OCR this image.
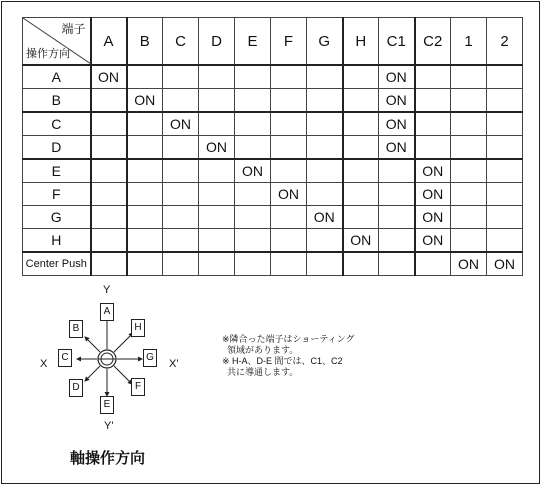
端子
操作方向	A	B	C	D	E	F	G	H	C1	C2	1	2
A	ON								ON			
B		ON							ON			
C			ON						ON			
D				ON					ON			
E					ON					ON		
F						ON				ON		
G							ON			ON		
H								ON		ON		
Center Push											ON	ON
Y
Y'
X	X'
A
B
C
D
E
F
G
H
軸操作方向
※隣合った端子はショーティング
領域があります。
※ H-A、D-E 間では、C1、C2
共に導通します。
